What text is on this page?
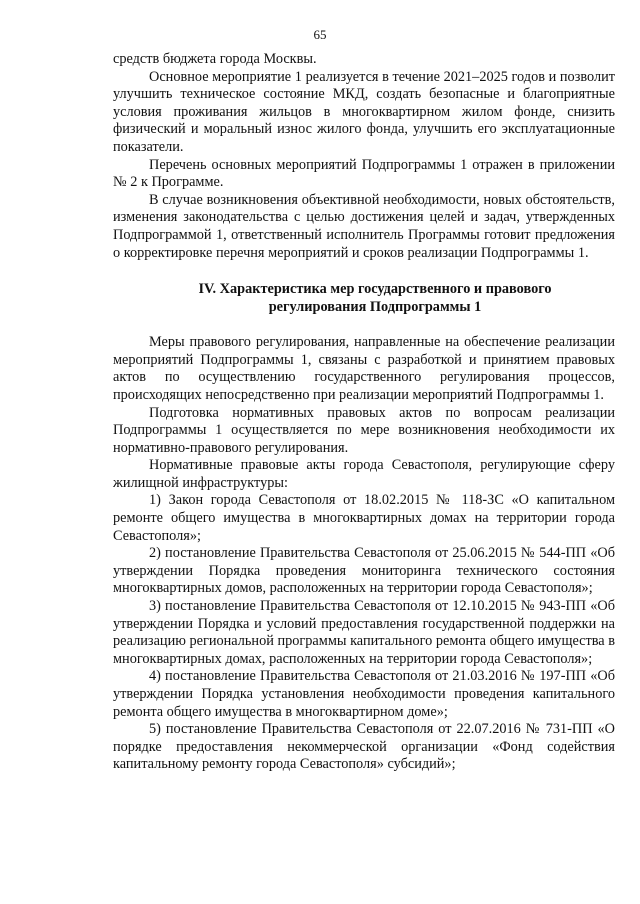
65

средств бюджета города Москвы.

Основное мероприятие 1 реализуется в течение 2021–2025 годов и позволит улучшить техническое состояние МКД, создать безопасные и благоприятные условия проживания жильцов в многоквартирном жилом фонде, снизить физический и моральный износ жилого фонда, улучшить его эксплуатационные показатели.

Перечень основных мероприятий Подпрограммы 1 отражен в приложении № 2 к Программе.

В случае возникновения объективной необходимости, новых обстоятельств, изменения законодательства с целью достижения целей и задач, утвержденных Подпрограммой 1, ответственный исполнитель Программы готовит предложения о корректировке перечня мероприятий и сроков реализации Подпрограммы 1.

IV. Характеристика мер государственного и правового
регулирования Подпрограммы 1

Меры правового регулирования, направленные на обеспечение реализации мероприятий Подпрограммы 1, связаны с разработкой и принятием правовых актов по осуществлению государственного регулирования процессов, происходящих непосредственно при реализации мероприятий Подпрограммы 1.

Подготовка нормативных правовых актов по вопросам реализации Подпрограммы 1 осуществляется по мере возникновения необходимости их нормативно-правового регулирования.

Нормативные правовые акты города Севастополя, регулирующие сферу жилищной инфраструктуры:

1) Закон города Севастополя от 18.02.2015 № 118-ЗС «О капитальном ремонте общего имущества в многоквартирных домах на территории города Севастополя»;

2) постановление Правительства Севастополя от 25.06.2015 № 544-ПП «Об утверждении Порядка проведения мониторинга технического состояния многоквартирных домов, расположенных на территории города Севастополя»;

3) постановление Правительства Севастополя от 12.10.2015 № 943-ПП «Об утверждении Порядка и условий предоставления государственной поддержки на реализацию региональной программы капитального ремонта общего имущества в многоквартирных домах, расположенных на территории города Севастополя»;

4) постановление Правительства Севастополя от 21.03.2016 № 197-ПП «Об утверждении Порядка установления необходимости проведения капитального ремонта общего имущества в многоквартирном доме»;

5) постановление Правительства Севастополя от 22.07.2016 № 731-ПП «О порядке предоставления некоммерческой организации «Фонд содействия капитальному ремонту города Севастополя» субсидий»;
